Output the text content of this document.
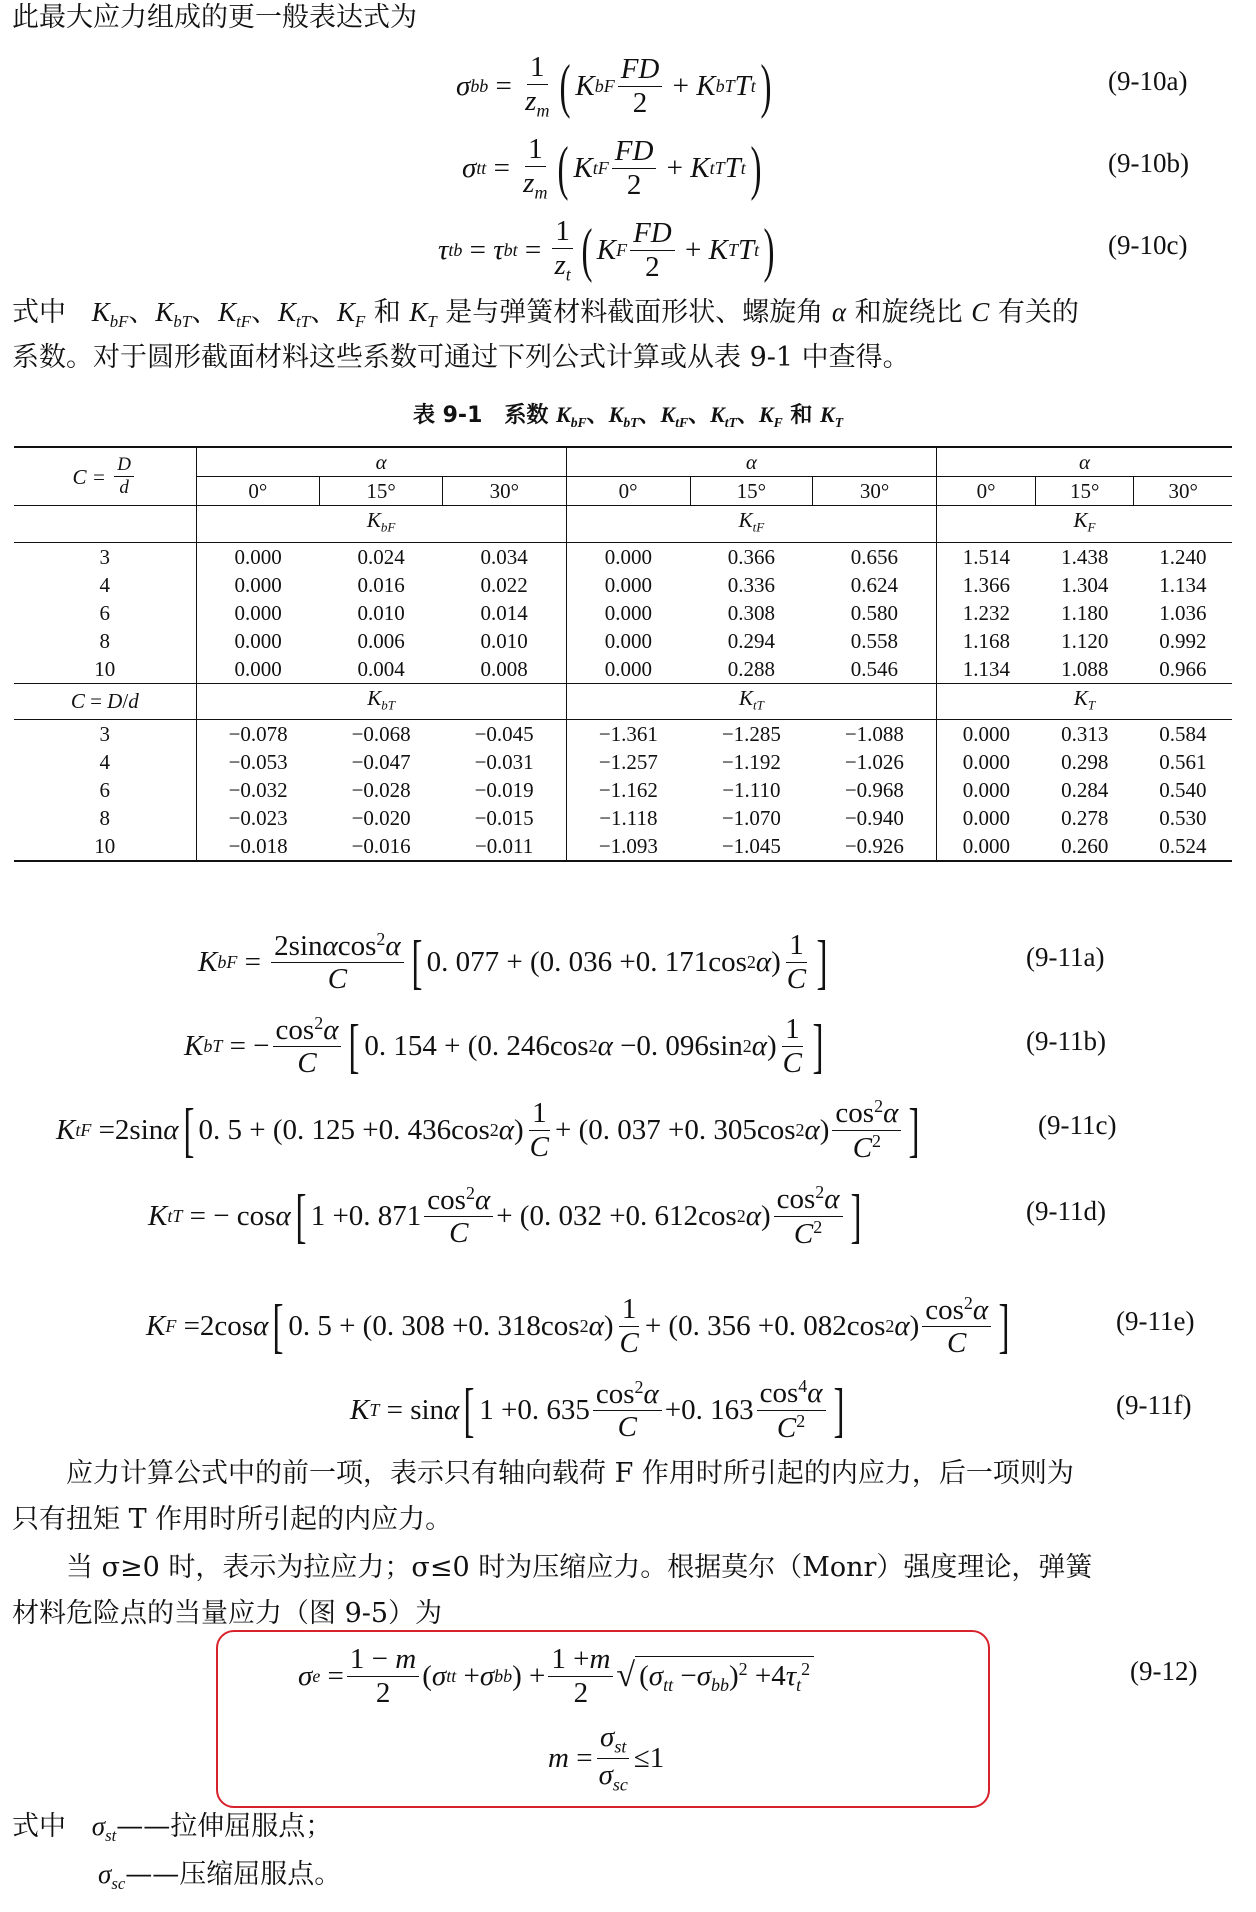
此最大应力组成的更一般表达式为
σ bb = $\frac{1}{z_m}$ ( K bF $\frac{FD}{2} + K$ bT T t )	(9-10a)
σ tt = $\frac{1}{z_m}$ ( K tF $\frac{FD}{2} + K$ tT T t )	(9-10b)
τ tb = τ bt = $\frac{1}{z_t}$ ( K F $\frac{FD}{2} + K$ T T t )	(9-10c)
式中 $K_{bF}$、$K_{bT}$、$K_{tF}$、$K_{tT}$、$K_F$ 和 $K_T$ 是与弹簧材料截面形状、螺旋角 α 和旋绕比 C 有关的
系数。对于圆形截面材料这些系数可通过下列公式计算或从表 9-1 中查得。
表 9-1　系数 $K_{bF}$、$K_{bT}$、$K_{tF}$、$K_{tT}$、$K_F$ 和 $K_T$
$C = \frac{D}{d}$	α			α			α		
	0°	15°	30°	0°	15°	30°	0°	15°	30°
	$K_{bF}$			$K_{tF}$			$K_F$
3	0.000	0.024	0.034	0.000	0.366	0.656	1.514	1.438	1.240
4	0.000	0.016	0.022	0.000	0.336	0.624	1.366	1.304	1.134
6	0.000	0.010	0.014	0.000	0.308	0.580	1.232	1.180	1.036
8	0.000	0.006	0.010	0.000	0.294	0.558	1.168	1.120	0.992
10	0.000	0.004	0.008	0.000	0.288	0.546	1.134	1.088	0.966
C = D/d	$K_{bT}$			$K_{tT}$			$K_T$
3	−0.078	−0.068	−0.045	−1.361	−1.285	−1.088	0.000	0.313	0.584
4	−0.053	−0.047	−0.031	−1.257	−1.192	−1.026	0.000	0.298	0.561
6	−0.032	−0.028	−0.019	−1.162	−1.110	−0.968	0.000	0.284	0.540
8	−0.023	−0.020	−0.015	−1.118	−1.070	−0.940	0.000	0.278	0.530
10	−0.018	−0.016	−0.011	−1.093	−1.045	−0.926	0.000	0.260	0.524
K bF = $\frac{2\sin\alpha\cos^2\alpha}{C}$ [ 0. 077 + (0. 036 +0. 171cos 2 α ) $\frac{1}{C}$ ]	(9-11a)
K bT = − $\frac{\cos^2\alpha}{C}$ [ 0. 154 + (0. 246cos 2 α −0. 096sin 2 α ) $\frac{1}{C}$ ]	(9-11b)
K tF =2sin α [ 0. 5 + (0. 125 +0. 436cos 2 α ) $\frac{1}{C} + (0$. 037 +0. 305cos 2 α ) $\frac{\cos^2\alpha}{C^2}$ ]	(9-11c)
K tT = − cos α [ 1 +0. $871 \frac{\cos^2\alpha}{C} + (0$. 032 +0. 612cos 2 α ) $\frac{\cos^2\alpha}{C^2}$ ]	(9-11d)
K F =2cos α [ 0. 5 + (0. 308 +0. 318cos 2 α ) $\frac{1}{C} + (0$. 356 +0. 082cos 2 α ) $\frac{\cos^2\alpha}{C}$ ]	(9-11e)
K T = sin α [ 1 +0. $635 \frac{\cos^2\alpha}{C} +0$. $163 \frac{\cos^4\alpha}{C^2}$ ]	(9-11f)
应力计算公式中的前一项，表示只有轴向载荷 F 作用时所引起的内应力，后一项则为
只有扭矩 T 作用时所引起的内应力。
当 σ≥0 时，表示为拉应力；σ≤0 时为压缩应力。根据莫尔（Monr）强度理论，弹簧
材料危险点的当量应力（图 9-5）为
σ $e = \frac{1 - m}{2}$ ( σ tt + σ bb ) + $\frac{1 +m}{2}$ √ $(\sigma_{tt} -\sigma_{bb})^2 +4\tau_t^2$
$m = \frac{\sigma_{st}}{\sigma_{sc}} \le 1$
(9-12)
式中 $\sigma_{st}——$拉伸屈服点；
$\sigma_{sc}——$压缩屈服点。
